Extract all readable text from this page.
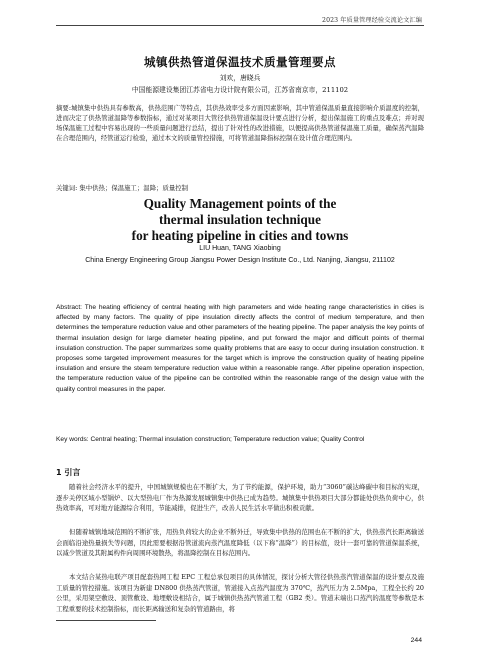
2023 年质量管理经验交流论文汇编
城镇供热管道保温技术质量管理要点
刘欢，唐晓兵
中国能源建设集团江苏省电力设计院有限公司，江苏省南京市，211102
摘要:城镇集中供热具有参数高，供热范围广等特点，其供热效率受多方面因素影响，其中管道保温质量直接影响介质温度的控制，进而决定了供热管道温降等参数指标，通过对某项目大管径供热管道保温设计要点进行分析，提出保温施工的重点及难点；并对现场保温施工过程中容易出现的一些质量问题进行总结，提出了针对性的改进措施，以便提高供热管道保温施工质量，确保蒸汽温降在合理范围内，经管道运行检验，通过本文的质量管控措施，可将管道温降指标控制在设计值合理范围内。
关键词: 集中供热；保温施工；温降；质量控制
Quality Management points of the
thermal insulation technique
for heating pipeline in cities and towns
LIU Huan, TANG Xiaobing
China Energy Engineering Group Jiangsu Power Design Institute Co., Ltd. Nanjing, Jiangsu, 211102
Abstract: The heating efficiency of central heating with high parameters and wide heating range characteristics in cities is affected by many factors. The quality of pipe insulation directly affects the control of medium temperature, and then determines the temperature reduction value and other parameters of the heating pipeline. The paper analysis the key points of thermal insulation design for large diameter heating pipeline, and put forward the major and difficult points of thermal insulation construction. The paper summarizes some quality problems that are easy to occur during insulation construction. It proposes some targeted improvement measures for the target which is improve the construction quality of heating pipeline insulation and ensure the steam temperature reduction value within a reasonable range. After pipeline operation inspection, the temperature reduction value of the pipeline can be controlled within the reasonable range of the design value with the quality control measures in the paper.
Key words: Central heating; Thermal insulation construction; Temperature reduction value; Quality Control
1 引言

随着社会经济水平的提升，中国城镇规模也在不断扩大，为了节约能源，保护环境，助力“3060”碳达峰碳中和目标的实现，逐步关停区域小型锅炉、以大型热电厂作为热源发展城镇集中供热已成为趋势。城镇集中供热项目大部分都能处供热负荷中心，供热效率高，可对地方能源综合利用，节能减排，促进生产，改善人民生活水平做出积极贡献。

但随着城镇地域范围的不断扩张，用热负荷较大的企业不断外迁，导致集中供热的范围也在不断的扩大，供热蒸汽长距离输送会面临沿途热量损失等问题，因此需要根据沿管道流向蒸汽温度降低（以下称“温降”）的目标值，设计一套可靠的管道保温系统，以减少管道及其附属构件向周围环境散热，将温降控制在目标范围内。

本文结合某热电联产项目配套热网工程 EPC 工程总承包项目的具体情况，探讨分析大管径供热蒸汽管道保温的设计要点及施工质量的管控措施。该项目为新建 DN800 供热蒸汽管道，管道接入点蒸汽温度为 370℃，蒸汽压力为 2.5Mpa，工程全长约 20 公里，采用架空敷设、顶管敷设、地埋敷设相结合，属于城镇供热蒸汽管道工程（GB2 类）。管道末端出口蒸汽的温度等参数是本工程重要的技术控制指标，而长距离输送和复杂的管道路由，将

244
